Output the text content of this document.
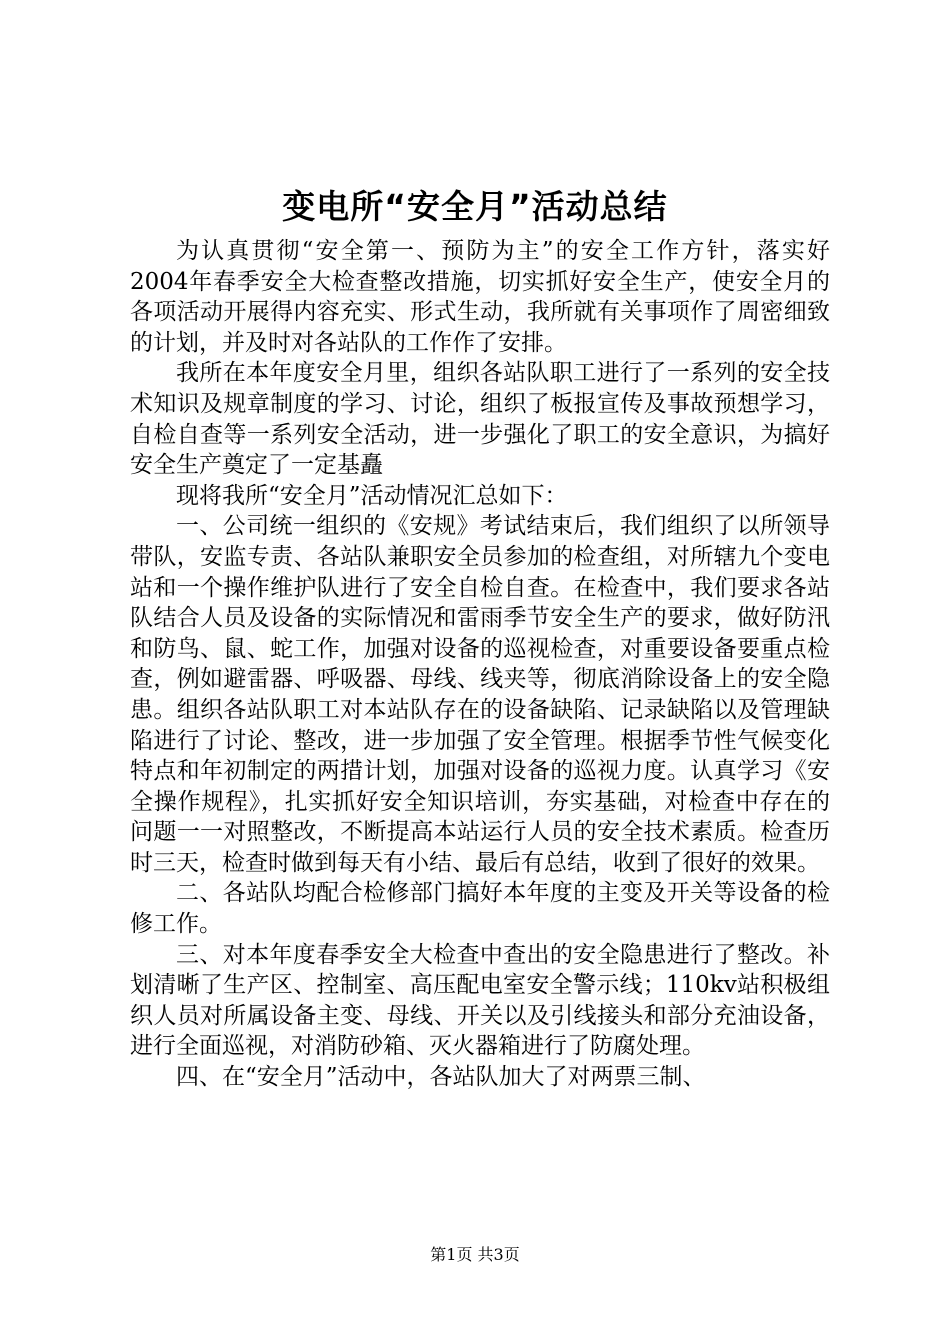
变电所“安全月”活动总结

为认真贯彻“安全第一、预防为主”的安全工作方针，落实好2004年春季安全大检查整改措施，切实抓好安全生产，使安全月的各项活动开展得内容充实、形式生动，我所就有关事项作了周密细致的计划，并及时对各站队的工作作了安排。

我所在本年度安全月里，组织各站队职工进行了一系列的安全技术知识及规章制度的学习、讨论，组织了板报宣传及事故预想学习，自检自查等一系列安全活动，进一步强化了职工的安全意识，为搞好安全生产奠定了一定基矗

现将我所“安全月”活动情况汇总如下：

一、公司统一组织的《安规》考试结束后，我们组织了以所领导带队，安监专责、各站队兼职安全员参加的检查组，对所辖九个变电站和一个操作维护队进行了安全自检自查。在检查中，我们要求各站队结合人员及设备的实际情况和雷雨季节安全生产的要求，做好防汛和防鸟、鼠、蛇工作，加强对设备的巡视检查，对重要设备要重点检查，例如避雷器、呼吸器、母线、线夹等，彻底消除设备上的安全隐患。组织各站队职工对本站队存在的设备缺陷、记录缺陷以及管理缺陷进行了讨论、整改，进一步加强了安全管理。根据季节性气候变化特点和年初制定的两措计划，加强对设备的巡视力度。认真学习《安全操作规程》，扎实抓好安全知识培训，夯实基础，对检查中存在的问题一一对照整改，不断提高本站运行人员的安全技术素质。检查历时三天，检查时做到每天有小结、最后有总结，收到了很好的效果。

二、各站队均配合检修部门搞好本年度的主变及开关等设备的检修工作。

三、对本年度春季安全大检查中查出的安全隐患进行了整改。补划清晰了生产区、控制室、高压配电室安全警示线；110kv站积极组织人员对所属设备主变、母线、开关以及引线接头和部分充油设备，进行全面巡视，对消防砂箱、灭火器箱进行了防腐处理。

四、在“安全月”活动中，各站队加大了对两票三制、

第1页 共3页
